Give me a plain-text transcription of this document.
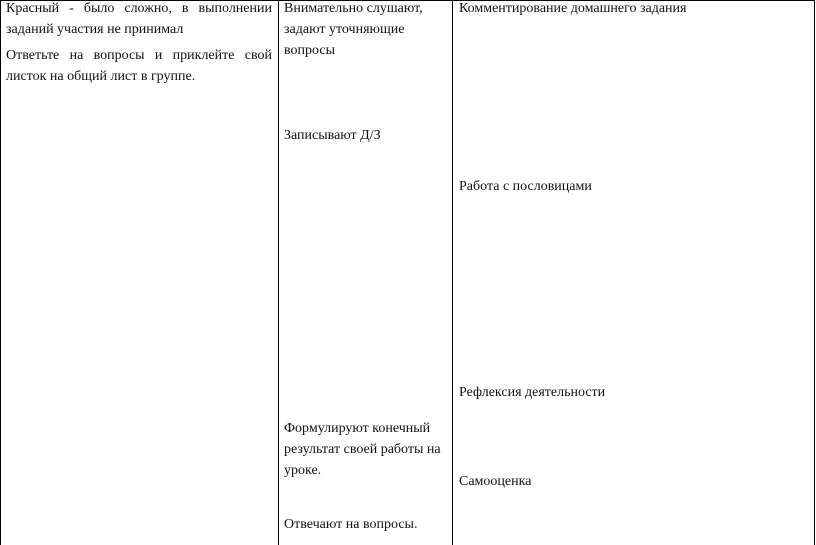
Красный - было сложно, в выполнении заданий участия не принимал

Ответьте на вопросы и приклейте свой листок на общий лист в группе.

Внимательно слушают, задают уточняющие вопросы

Записывают Д/З

Формулируют конечный результат своей работы на уроке.

Отвечают на вопросы.

Комментирование домашнего задания

Работа с пословицами

Рефлексия деятельности

Самооценка
